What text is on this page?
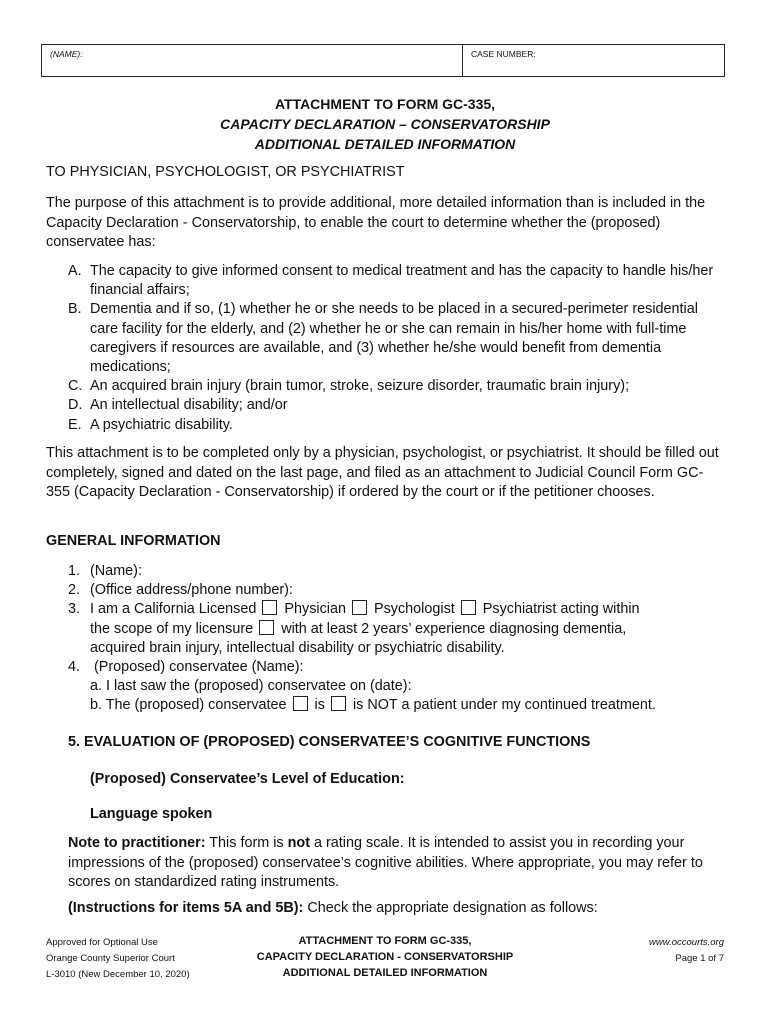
(NAME):	CASE NUMBER:
ATTACHMENT TO FORM GC-335,
CAPACITY DECLARATION – CONSERVATORSHIP
ADDITIONAL DETAILED INFORMATION
TO PHYSICIAN, PSYCHOLOGIST, OR PSYCHIATRIST
The purpose of this attachment is to provide additional, more detailed information than is included in the Capacity Declaration - Conservatorship, to enable the court to determine whether the (proposed) conservatee has:
A. The capacity to give informed consent to medical treatment and has the capacity to handle his/her financial affairs;
B. Dementia and if so, (1) whether he or she needs to be placed in a secured-perimeter residential care facility for the elderly, and (2) whether he or she can remain in his/her home with full-time caregivers if resources are available, and (3) whether he/she would benefit from dementia medications;
C. An acquired brain injury (brain tumor, stroke, seizure disorder, traumatic brain injury);
D. An intellectual disability; and/or
E. A psychiatric disability.
This attachment is to be completed only by a physician, psychologist, or psychiatrist. It should be filled out completely, signed and dated on the last page, and filed as an attachment to Judicial Council Form GC-355 (Capacity Declaration - Conservatorship) if ordered by the court or if the petitioner chooses.
GENERAL INFORMATION
1. (Name):
2. (Office address/phone number):
3. I am a California Licensed Physician Psychologist Psychiatrist acting within
the scope of my licensure with at least 2 years’ experience diagnosing dementia,
acquired brain injury, intellectual disability or psychiatric disability.
4. (Proposed) conservatee (Name):
a. I last saw the (proposed) conservatee on (date):
b. The (proposed) conservatee is is NOT a patient under my continued treatment.
5. EVALUATION OF (PROPOSED) CONSERVATEE’S COGNITIVE FUNCTIONS
(Proposed) Conservatee’s Level of Education:
Language spoken
Note to practitioner: This form is not a rating scale. It is intended to assist you in recording your impressions of the (proposed) conservatee’s cognitive abilities. Where appropriate, you may refer to scores on standardized rating instruments.
(Instructions for items 5A and 5B): Check the appropriate designation as follows:
Approved for Optional Use
Orange County Superior Court
L-3010 (New December 10, 2020)
ATTACHMENT TO FORM GC-335,
CAPACITY DECLARATION - CONSERVATORSHIP
ADDITIONAL DETAILED INFORMATION
www.occourts.org
Page 1 of 7
